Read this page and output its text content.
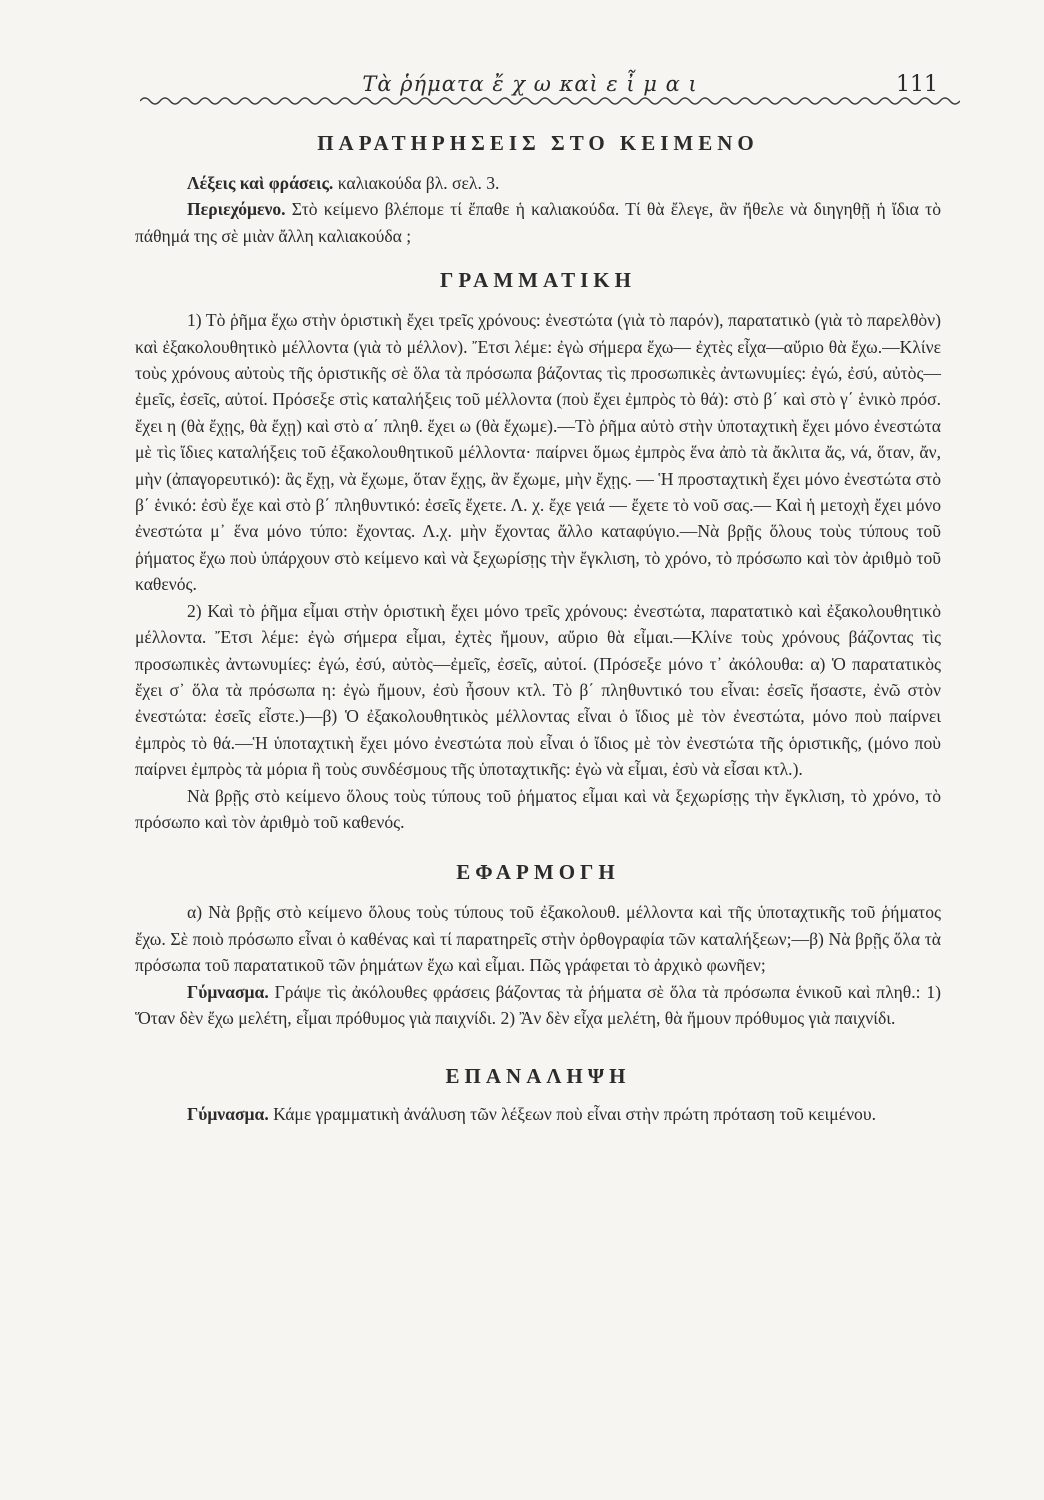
Τὰ ῥήματα ἔ χ ω καὶ ε ἶ μ α ι	111
ΠΑΡΑΤΗΡΗΣΕΙΣ ΣΤΟ ΚΕΙΜΕΝΟ

Λέξεις καὶ φράσεις. καλιακούδα βλ. σελ. 3.

Περιεχόμενο. Στὸ κείμενο βλέπομε τί ἔπαθε ἡ καλιακούδα. Τί θὰ ἔλεγε, ἂν ἤθελε νὰ διηγηθῇ ἡ ἴδια τὸ πάθημά της σὲ μιὰν ἄλλη καλιακούδα ;

ΓΡΑΜΜΑΤΙΚΗ

1) Τὸ ῥῆμα ἔχω στὴν ὁριστικὴ ἔχει τρεῖς χρόνους: ἐνεστώτα (γιὰ τὸ παρόν), παρατατικὸ (γιὰ τὸ παρελθὸν) καὶ ἐξακολουθητικὸ μέλλοντα (γιὰ τὸ μέλλον). Ἔτσι λέμε: ἐγὼ σήμερα ἔχω— ἐχτὲς εἶχα—αὔριο θὰ ἔχω.—Κλίνε τοὺς χρόνους αὐτοὺς τῆς ὁριστικῆς σὲ ὅλα τὰ πρόσωπα βάζοντας τὶς προσωπικὲς ἀντωνυμίες: ἐγώ, ἐσύ, αὐτὸς—ἐμεῖς, ἐσεῖς, αὐτοί. Πρόσεξε στὶς καταλήξεις τοῦ μέλλοντα (ποὺ ἔχει ἐμπρὸς τὸ θά): στὸ β΄ καὶ στὸ γ΄ ἑνικὸ πρόσ. ἔχει η (θὰ ἔχῃς, θὰ ἔχῃ) καὶ στὸ α΄ πληθ. ἔχει ω (θὰ ἔχωμε).—Τὸ ῥῆμα αὐτὸ στὴν ὑποταχτικὴ ἔχει μόνο ἐνεστώτα μὲ τὶς ἴδιες καταλήξεις τοῦ ἐξακολουθητικοῦ μέλλοντα· παίρνει ὅμως ἐμπρὸς ἕνα ἀπὸ τὰ ἄκλιτα ἄς, νά, ὅταν, ἄν, μὴν (ἀπαγορευτικό): ἂς ἔχῃ, νὰ ἔχωμε, ὅταν ἔχῃς, ἂν ἔχωμε, μὴν ἔχῃς. — Ἡ προσταχτικὴ ἔχει μόνο ἐνεστώτα στὸ β΄ ἑνικό: ἐσὺ ἔχε καὶ στὸ β΄ πληθυντικό: ἐσεῖς ἔχετε. Λ. χ. ἔχε γειά — ἔχετε τὸ νοῦ σας.— Καὶ ἡ μετοχὴ ἔχει μόνο ἐνεστώτα μ᾽ ἕνα μόνο τύπο: ἔχοντας. Λ.χ. μὴν ἔχοντας ἄλλο καταφύγιο.—Νὰ βρῇς ὅλους τοὺς τύπους τοῦ ῥήματος ἔχω ποὺ ὑπάρχουν στὸ κείμενο καὶ νὰ ξεχωρίσῃς τὴν ἔγκλιση, τὸ χρόνο, τὸ πρόσωπο καὶ τὸν ἀριθμὸ τοῦ καθενός.

2) Καὶ τὸ ῥῆμα εἶμαι στὴν ὁριστικὴ ἔχει μόνο τρεῖς χρόνους: ἐνεστώτα, παρατατικὸ καὶ ἐξακολουθητικὸ μέλλοντα. Ἔτσι λέμε: ἐγὼ σήμερα εἶμαι, ἐχτὲς ἤμουν, αὔριο θὰ εἶμαι.—Κλίνε τοὺς χρόνους βάζοντας τὶς προσωπικὲς ἀντωνυμίες: ἐγώ, ἐσύ, αὐτὸς—ἐμεῖς, ἐσεῖς, αὐτοί. (Πρόσεξε μόνο τ᾽ ἀκόλουθα: α) Ὁ παρατατικὸς ἔχει σ᾽ ὅλα τὰ πρόσωπα η: ἐγὼ ἤμουν, ἐσὺ ἦσουν κτλ. Τὸ β΄ πληθυντικό του εἶναι: ἐσεῖς ἤσαστε, ἐνῶ στὸν ἐνεστώτα: ἐσεῖς εἶστε.)—β) Ὁ ἐξακολουθητικὸς μέλλοντας εἶναι ὁ ἴδιος μὲ τὸν ἐνεστώτα, μόνο ποὺ παίρνει ἐμπρὸς τὸ θά.—Ἡ ὑποταχτικὴ ἔχει μόνο ἐνεστώτα ποὺ εἶναι ὁ ἴδιος μὲ τὸν ἐνεστώτα τῆς ὁριστικῆς, (μόνο ποὺ παίρνει ἐμπρὸς τὰ μόρια ἢ τοὺς συνδέσμους τῆς ὑποταχτικῆς: ἐγὼ νὰ εἶμαι, ἐσὺ νὰ εἶσαι κτλ.).

Νὰ βρῇς στὸ κείμενο ὅλους τοὺς τύπους τοῦ ῥήματος εἶμαι καὶ νὰ ξεχωρίσῃς τὴν ἔγκλιση, τὸ χρόνο, τὸ πρόσωπο καὶ τὸν ἀριθμὸ τοῦ καθενός.

ΕΦΑΡΜΟΓΗ

α) Νὰ βρῇς στὸ κείμενο ὅλους τοὺς τύπους τοῦ ἐξακολουθ. μέλλοντα καὶ τῆς ὑποταχτικῆς τοῦ ῥήματος ἔχω. Σὲ ποιὸ πρόσωπο εἶναι ὁ καθένας καὶ τί παρατηρεῖς στὴν ὀρθογραφία τῶν καταλήξεων;—β) Νὰ βρῇς ὅλα τὰ πρόσωπα τοῦ παρατατικοῦ τῶν ῥημάτων ἔχω καὶ εἶμαι. Πῶς γράφεται τὸ ἀρχικὸ φωνῆεν;

Γύμνασμα. Γράψε τὶς ἀκόλουθες φράσεις βάζοντας τὰ ῥήματα σὲ ὅλα τὰ πρόσωπα ἑνικοῦ καὶ πληθ.: 1) Ὅταν δὲν ἔχω μελέτη, εἶμαι πρόθυμος γιὰ παιχνίδι. 2) Ἂν δὲν εἶχα μελέτη, θὰ ἤμουν πρόθυμος γιὰ παιχνίδι.

ΕΠΑΝΑΛΗΨΗ

Γύμνασμα. Κάμε γραμματικὴ ἀνάλυση τῶν λέξεων ποὺ εἶναι στὴν πρώτη πρόταση τοῦ κειμένου.
